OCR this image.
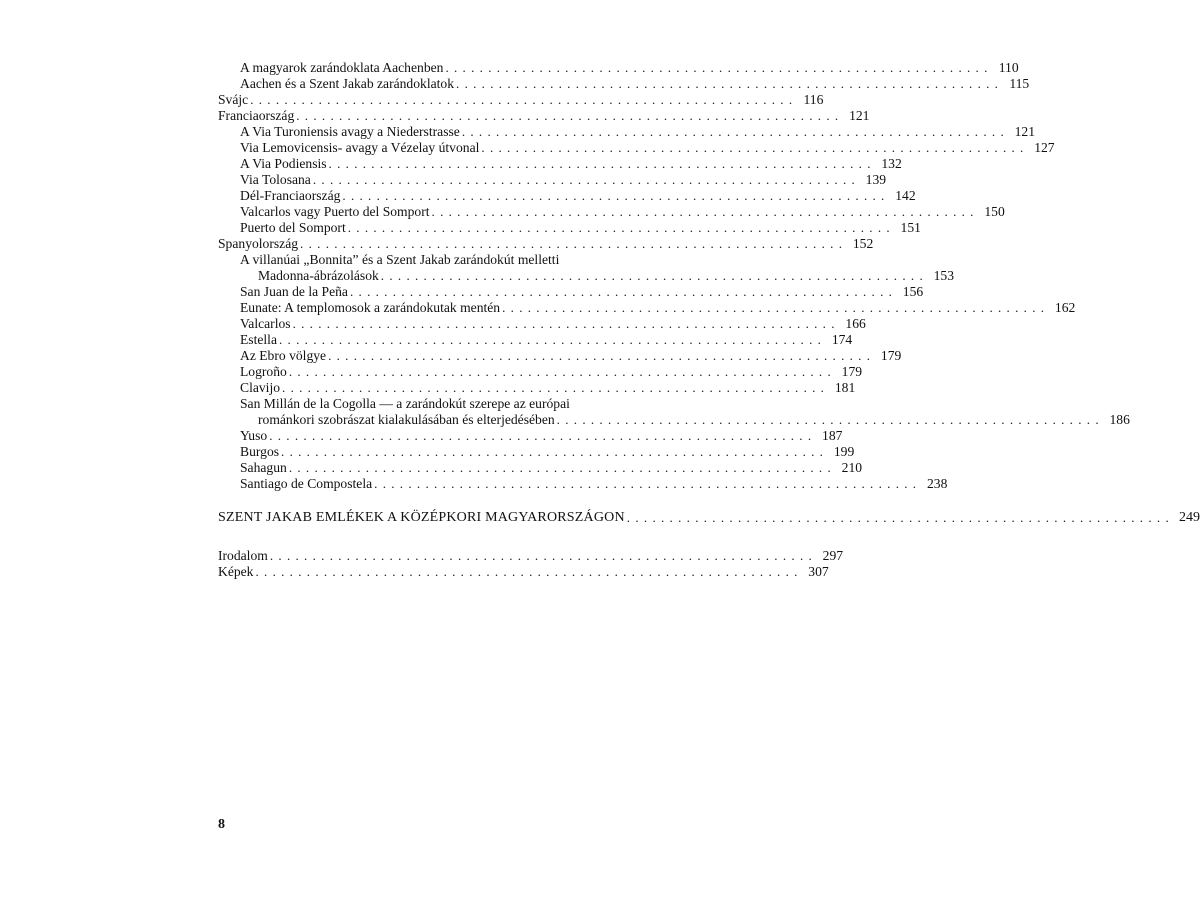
A magyarok zarándoklata Aachenben ................................................................ 110
Aachen és a Szent Jakab zarándoklatok ................................................................ 115
Svájc ................................................................ 116
Franciaország ................................................................ 121
A Via Turoniensis avagy a Niederstrasse ................................................................ 121
Via Lemovicensis- avagy a Vézelay útvonal ................................................................ 127
A Via Podiensis ................................................................ 132
Via Tolosana ................................................................ 139
Dél-Franciaország ................................................................ 142
Valcarlos vagy Puerto del Somport ................................................................ 150
Puerto del Somport ................................................................ 151
Spanyolország ................................................................ 152
A villanúai „Bonnita” és a Szent Jakab zarándokút melletti
Madonna-ábrázolások ................................................................ 153
San Juan de la Peña ................................................................ 156
Eunate: A templomosok a zarándokutak mentén ................................................................ 162
Valcarlos ................................................................ 166
Estella ................................................................ 174
Az Ebro völgye ................................................................ 179
Logroño ................................................................ 179
Clavijo ................................................................ 181
San Millán de la Cogolla — a zarándokút szerepe az európai
románkori szobrászat kialakulásában és elterjedésében ................................................................ 186
Yuso ................................................................ 187
Burgos ................................................................ 199
Sahagun ................................................................ 210
Santiago de Compostela ................................................................ 238
SZENT JAKAB EMLÉKEK A KÖZÉPKORI MAGYARORSZÁGON ................................................................ 249
Irodalom ................................................................ 297
Képek ................................................................ 307
8
